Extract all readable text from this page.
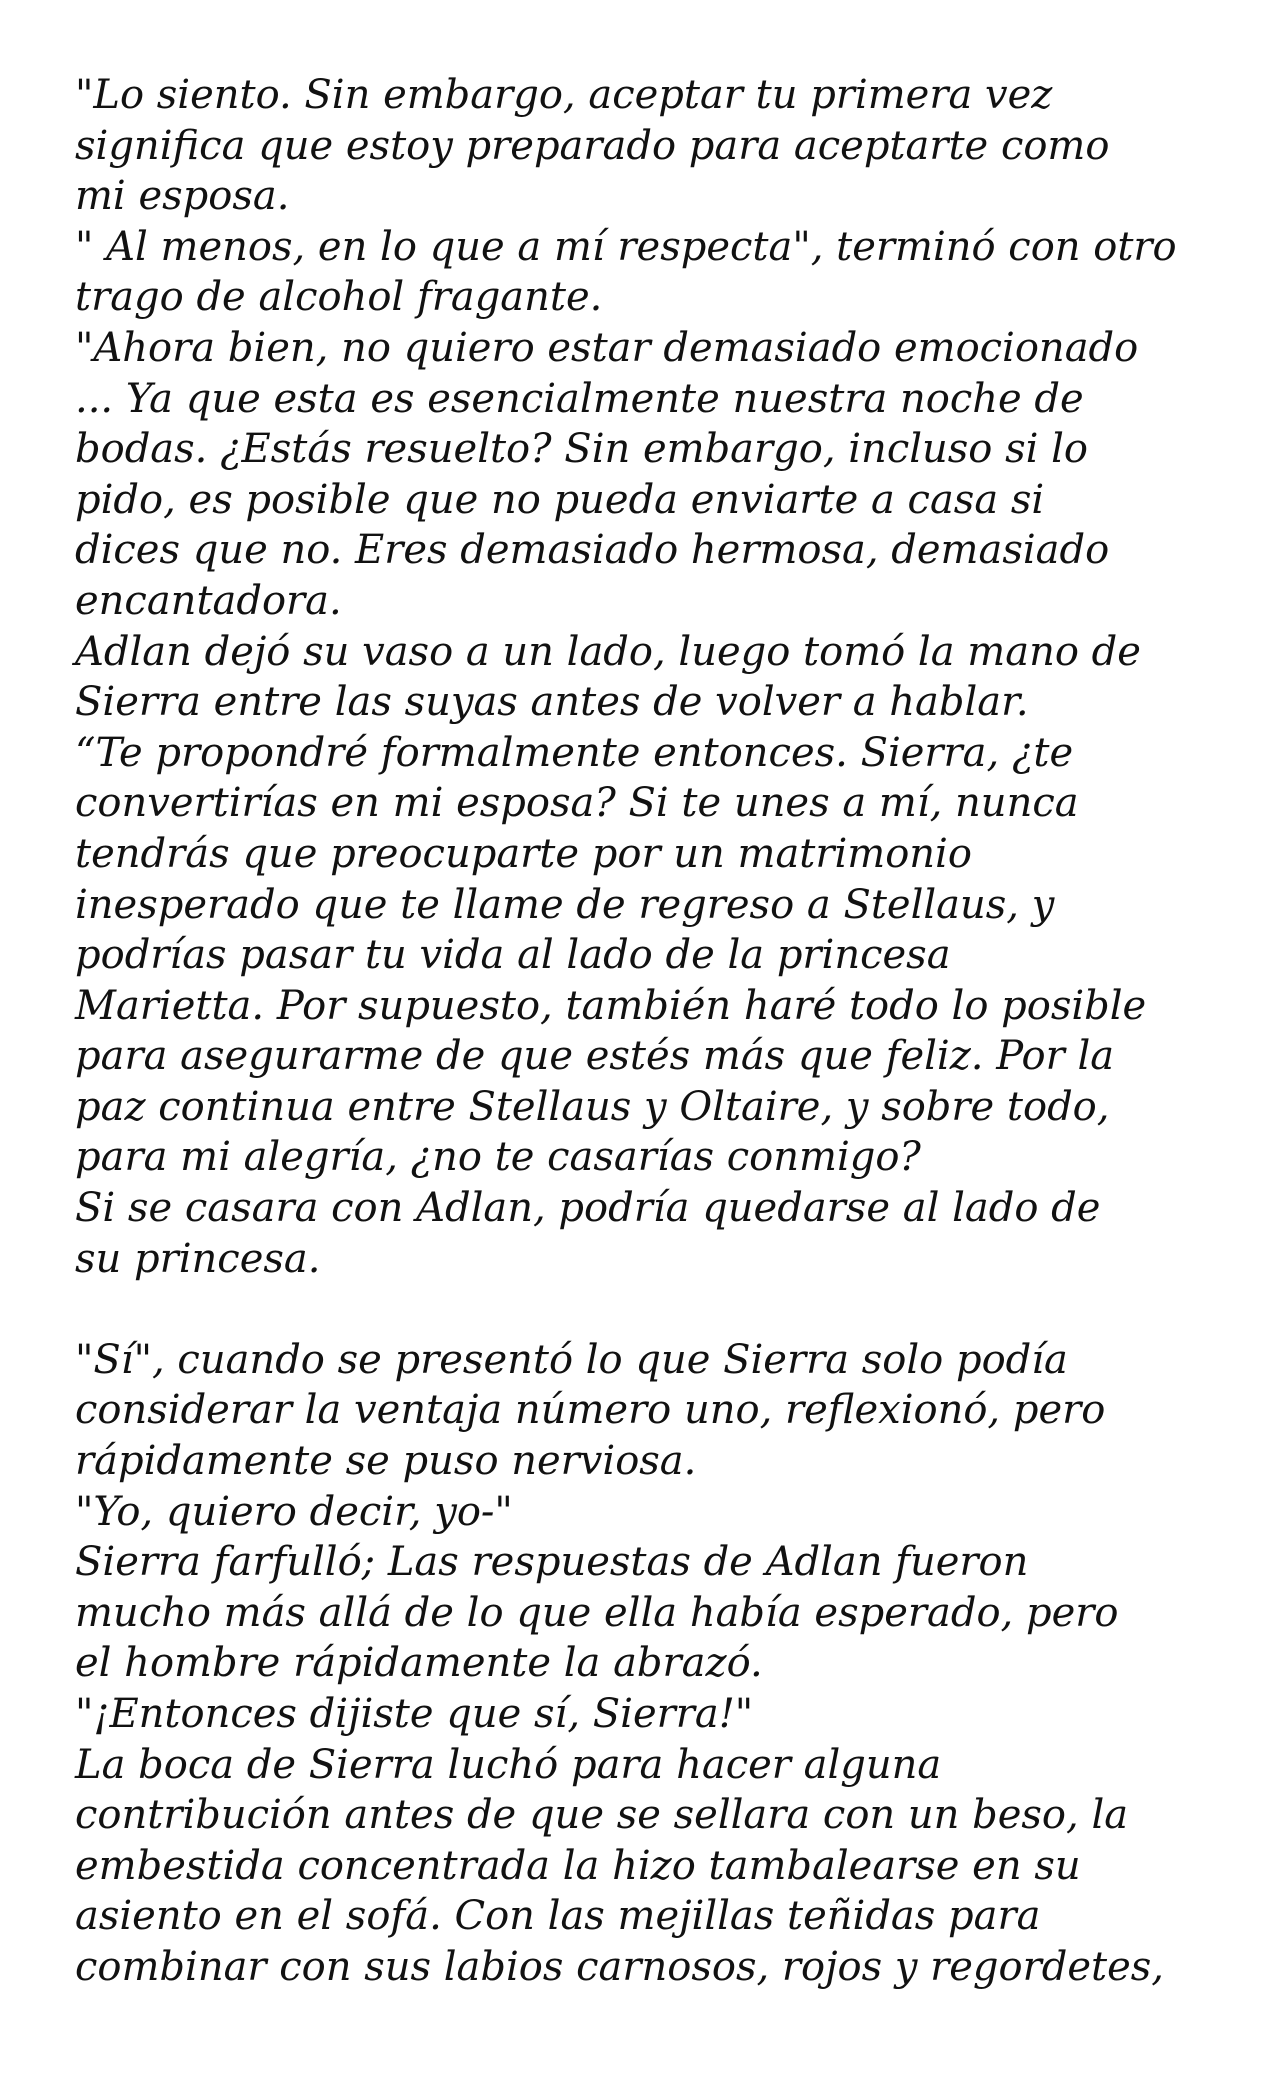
"Lo siento. Sin embargo, aceptar tu primera vez
significa que estoy preparado para aceptarte como
mi esposa.
" Al menos, en lo que a mí respecta", terminó con otro
trago de alcohol fragante.
"Ahora bien, no quiero estar demasiado emocionado
... Ya que esta es esencialmente nuestra noche de
bodas. ¿Estás resuelto? Sin embargo, incluso si lo
pido, es posible que no pueda enviarte a casa si
dices que no. Eres demasiado hermosa, demasiado
encantadora.
Adlan dejó su vaso a un lado, luego tomó la mano de
Sierra entre las suyas antes de volver a hablar.
“Te propondré formalmente entonces. Sierra, ¿te
convertirías en mi esposa? Si te unes a mí, nunca
tendrás que preocuparte por un matrimonio
inesperado que te llame de regreso a Stellaus, y
podrías pasar tu vida al lado de la princesa
Marietta. Por supuesto, también haré todo lo posible
para asegurarme de que estés más que feliz. Por la
paz continua entre Stellaus y Oltaire, y sobre todo,
para mi alegría, ¿no te casarías conmigo?
Si se casara con Adlan, podría quedarse al lado de
su princesa.
"Sí", cuando se presentó lo que Sierra solo podía
considerar la ventaja número uno, reflexionó, pero
rápidamente se puso nerviosa.
"Yo, quiero decir, yo-"
Sierra farfulló; Las respuestas de Adlan fueron
mucho más allá de lo que ella había esperado, pero
el hombre rápidamente la abrazó.
"¡Entonces dijiste que sí, Sierra!"
La boca de Sierra luchó para hacer alguna
contribución antes de que se sellara con un beso, la
embestida concentrada la hizo tambalearse en su
asiento en el sofá. Con las mejillas teñidas para
combinar con sus labios carnosos, rojos y regordetes,
